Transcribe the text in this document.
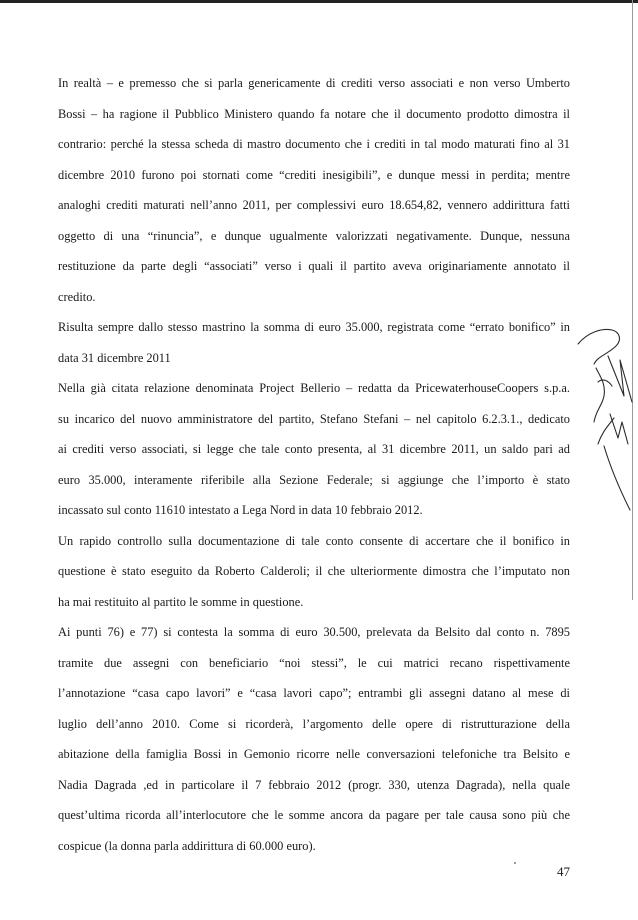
In realtà – e premesso che si parla genericamente di crediti verso associati e non verso Umberto
Bossi – ha ragione il Pubblico Ministero quando fa notare che il documento prodotto dimostra il
contrario: perché la stessa scheda di mastro documento che i crediti in tal modo maturati fino al 31
dicembre 2010 furono poi stornati come “crediti inesigibili”, e dunque messi in perdita; mentre
analoghi crediti maturati nell’anno 2011, per complessivi euro 18.654,82, vennero addirittura fatti
oggetto di una “rinuncia”, e dunque ugualmente valorizzati negativamente. Dunque, nessuna
restituzione da parte degli “associati” verso i quali il partito aveva originariamente annotato il
credito.
Risulta sempre dallo stesso mastrino la somma di euro 35.000, registrata come “errato bonifico” in
data 31 dicembre 2011
Nella già citata relazione denominata Project Bellerio – redatta da PricewaterhouseCoopers s.p.a.
su incarico del nuovo amministratore del partito, Stefano Stefani – nel capitolo 6.2.3.1., dedicato
ai crediti verso associati, si legge che tale conto presenta, al 31 dicembre 2011, un saldo pari ad
euro 35.000, interamente riferibile alla Sezione Federale; si aggiunge che l’importo è stato
incassato sul conto 11610 intestato a Lega Nord in data 10 febbraio 2012.
Un rapido controllo sulla documentazione di tale conto consente di accertare che il bonifico in
questione è stato eseguito da Roberto Calderoli; il che ulteriormente dimostra che l’imputato non
ha mai restituito al partito le somme in questione.
Ai punti 76) e 77) si contesta la somma di euro 30.500, prelevata da Belsito dal conto n. 7895
tramite due assegni con beneficiario “noi stessi”, le cui matrici recano rispettivamente
l’annotazione “casa capo lavori” e “casa lavori capo”; entrambi gli assegni datano al mese di
luglio dell’anno 2010. Come si ricorderà, l’argomento delle opere di ristrutturazione della
abitazione della famiglia Bossi in Gemonio ricorre nelle conversazioni telefoniche tra Belsito e
Nadia Dagrada ,ed in particolare il 7 febbraio 2012 (progr. 330, utenza Dagrada), nella quale
quest’ultima ricorda all’interlocutore che le somme ancora da pagare per tale causa sono più che
cospicue (la donna parla addirittura di 60.000 euro).
47
